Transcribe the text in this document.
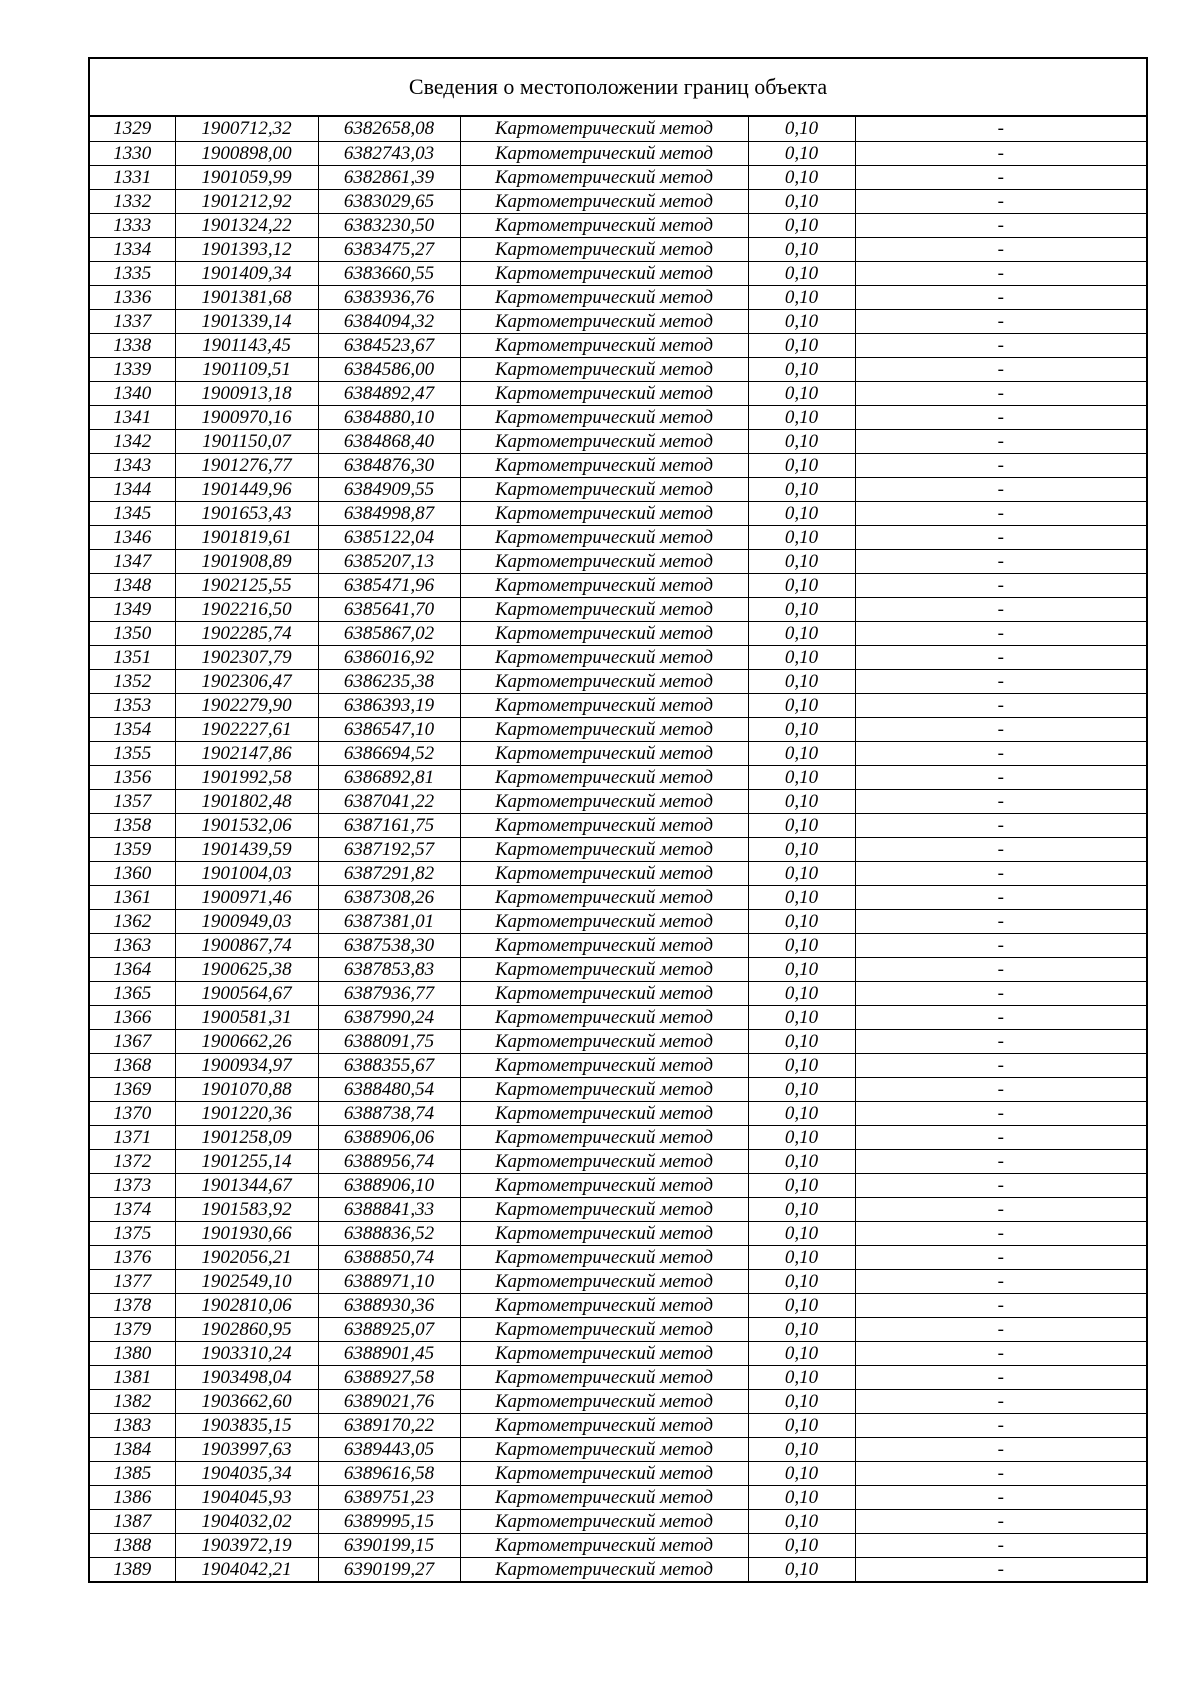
Сведения о местоположении границ объекта
1329	1900712,32	6382658,08	Картометрический метод	0,10	-
1330	1900898,00	6382743,03	Картометрический метод	0,10	-
1331	1901059,99	6382861,39	Картометрический метод	0,10	-
1332	1901212,92	6383029,65	Картометрический метод	0,10	-
1333	1901324,22	6383230,50	Картометрический метод	0,10	-
1334	1901393,12	6383475,27	Картометрический метод	0,10	-
1335	1901409,34	6383660,55	Картометрический метод	0,10	-
1336	1901381,68	6383936,76	Картометрический метод	0,10	-
1337	1901339,14	6384094,32	Картометрический метод	0,10	-
1338	1901143,45	6384523,67	Картометрический метод	0,10	-
1339	1901109,51	6384586,00	Картометрический метод	0,10	-
1340	1900913,18	6384892,47	Картометрический метод	0,10	-
1341	1900970,16	6384880,10	Картометрический метод	0,10	-
1342	1901150,07	6384868,40	Картометрический метод	0,10	-
1343	1901276,77	6384876,30	Картометрический метод	0,10	-
1344	1901449,96	6384909,55	Картометрический метод	0,10	-
1345	1901653,43	6384998,87	Картометрический метод	0,10	-
1346	1901819,61	6385122,04	Картометрический метод	0,10	-
1347	1901908,89	6385207,13	Картометрический метод	0,10	-
1348	1902125,55	6385471,96	Картометрический метод	0,10	-
1349	1902216,50	6385641,70	Картометрический метод	0,10	-
1350	1902285,74	6385867,02	Картометрический метод	0,10	-
1351	1902307,79	6386016,92	Картометрический метод	0,10	-
1352	1902306,47	6386235,38	Картометрический метод	0,10	-
1353	1902279,90	6386393,19	Картометрический метод	0,10	-
1354	1902227,61	6386547,10	Картометрический метод	0,10	-
1355	1902147,86	6386694,52	Картометрический метод	0,10	-
1356	1901992,58	6386892,81	Картометрический метод	0,10	-
1357	1901802,48	6387041,22	Картометрический метод	0,10	-
1358	1901532,06	6387161,75	Картометрический метод	0,10	-
1359	1901439,59	6387192,57	Картометрический метод	0,10	-
1360	1901004,03	6387291,82	Картометрический метод	0,10	-
1361	1900971,46	6387308,26	Картометрический метод	0,10	-
1362	1900949,03	6387381,01	Картометрический метод	0,10	-
1363	1900867,74	6387538,30	Картометрический метод	0,10	-
1364	1900625,38	6387853,83	Картометрический метод	0,10	-
1365	1900564,67	6387936,77	Картометрический метод	0,10	-
1366	1900581,31	6387990,24	Картометрический метод	0,10	-
1367	1900662,26	6388091,75	Картометрический метод	0,10	-
1368	1900934,97	6388355,67	Картометрический метод	0,10	-
1369	1901070,88	6388480,54	Картометрический метод	0,10	-
1370	1901220,36	6388738,74	Картометрический метод	0,10	-
1371	1901258,09	6388906,06	Картометрический метод	0,10	-
1372	1901255,14	6388956,74	Картометрический метод	0,10	-
1373	1901344,67	6388906,10	Картометрический метод	0,10	-
1374	1901583,92	6388841,33	Картометрический метод	0,10	-
1375	1901930,66	6388836,52	Картометрический метод	0,10	-
1376	1902056,21	6388850,74	Картометрический метод	0,10	-
1377	1902549,10	6388971,10	Картометрический метод	0,10	-
1378	1902810,06	6388930,36	Картометрический метод	0,10	-
1379	1902860,95	6388925,07	Картометрический метод	0,10	-
1380	1903310,24	6388901,45	Картометрический метод	0,10	-
1381	1903498,04	6388927,58	Картометрический метод	0,10	-
1382	1903662,60	6389021,76	Картометрический метод	0,10	-
1383	1903835,15	6389170,22	Картометрический метод	0,10	-
1384	1903997,63	6389443,05	Картометрический метод	0,10	-
1385	1904035,34	6389616,58	Картометрический метод	0,10	-
1386	1904045,93	6389751,23	Картометрический метод	0,10	-
1387	1904032,02	6389995,15	Картометрический метод	0,10	-
1388	1903972,19	6390199,15	Картометрический метод	0,10	-
1389	1904042,21	6390199,27	Картометрический метод	0,10	-
